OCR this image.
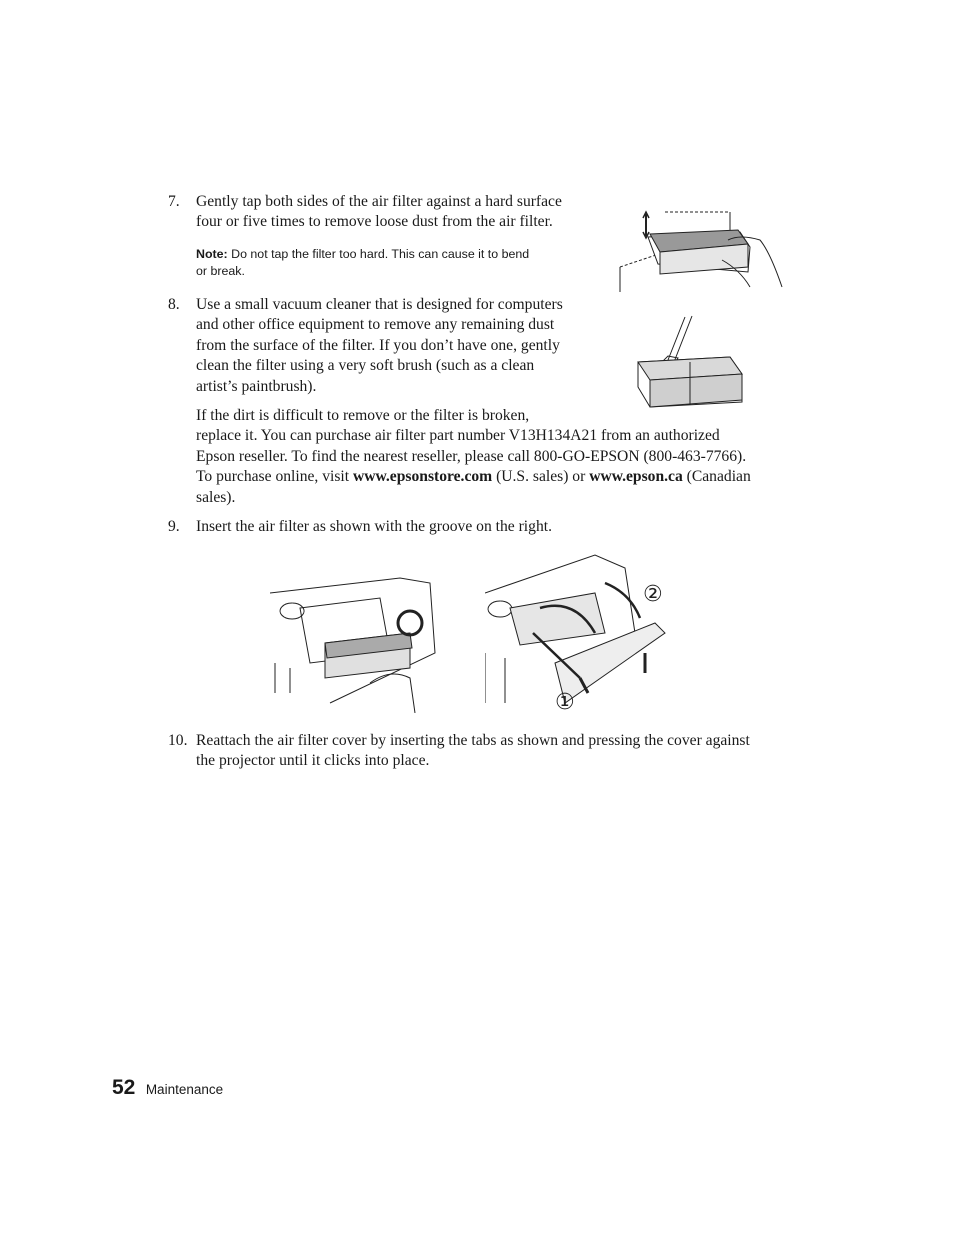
7. Gently tap both sides of the air filter against a hard surface
four or five times to remove loose dust from the air filter.
Note: Do not tap the filter too hard. This can cause it to bend
or break.
8. Use a small vacuum cleaner that is designed for computers
and other office equipment to remove any remaining dust
from the surface of the filter. If you don’t have one, gently
clean the filter using a very soft brush (such as a clean
artist’s paintbrush).
If the dirt is difficult to remove or the filter is broken,
replace it. You can purchase air filter part number V13H134A21 from an authorized
Epson reseller. To find the nearest reseller, please call 800-GO-EPSON (800-463-7766).
To purchase online, visit www.epsonstore.com (U.S. sales) or www.epson.ca (Canadian
sales).
9. Insert the air filter as shown with the groove on the right.
10. Reattach the air filter cover by inserting the tabs as shown and pressing the cover against
the projector until it clicks into place.
②
①
52 Maintenance
